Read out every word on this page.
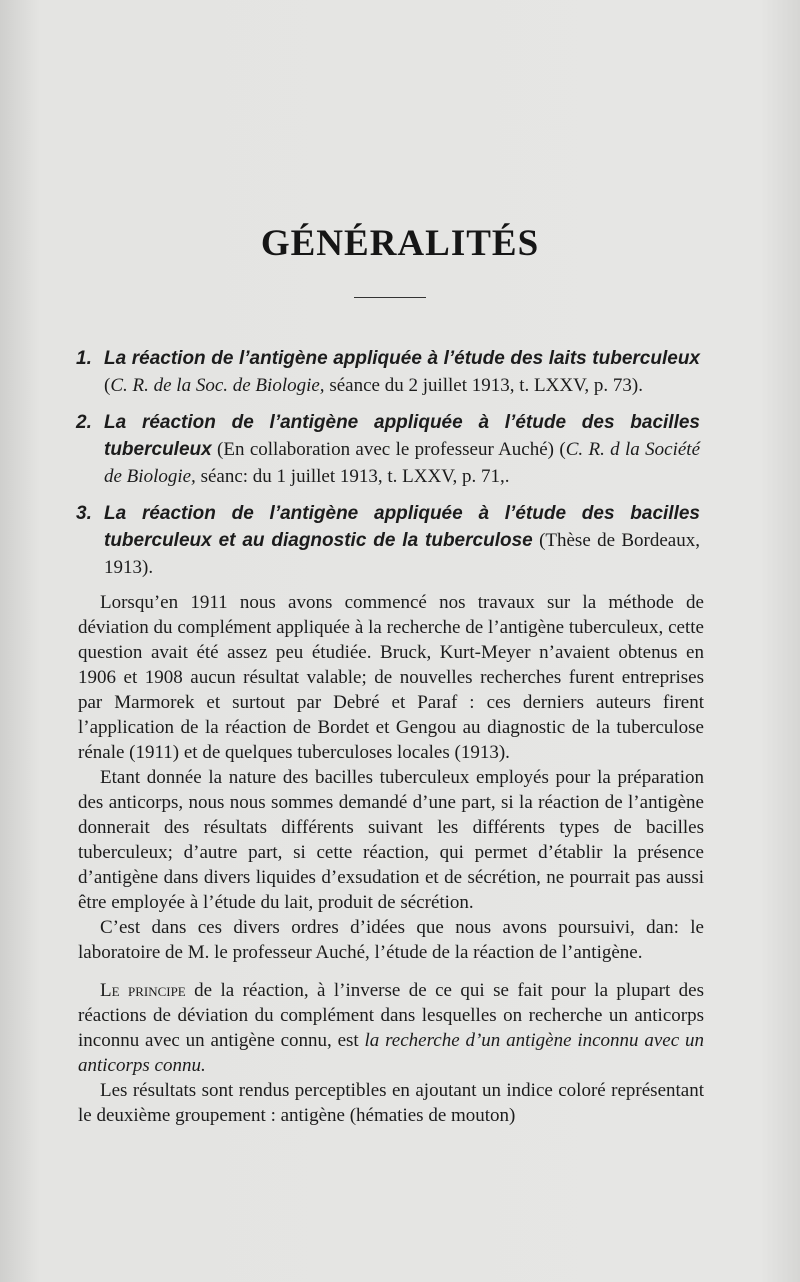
GÉNÉRALITÉS
1. La réaction de l’antigène appliquée à l’étude des laits tuberculeux (C. R. de la Soc. de Biologie, séance du 2 juillet 1913, t. LXXV, p. 73).
2. La réaction de l’antigène appliquée à l’étude des bacilles tuberculeux (En collaboration avec le professeur Auché) (C. R. d la Société de Biologie, séanc: du 1 juillet 1913, t. LXXV, p. 71,.
3. La réaction de l’antigène appliquée à l’étude des bacilles tuberculeux et au diagnostic de la tuberculose (Thèse de Bordeaux, 1913).

Lorsqu’en 1911 nous avons commencé nos travaux sur la méthode de déviation du complément appliquée à la recherche de l’antigène tuberculeux, cette question avait été assez peu étudiée. Bruck, Kurt-Meyer n’avaient obtenus en 1906 et 1908 aucun résultat valable; de nouvelles recherches furent entreprises par Marmorek et surtout par Debré et Paraf : ces derniers auteurs firent l’application de la réaction de Bordet et Gengou au diagnostic de la tuberculose rénale (1911) et de quelques tuberculoses locales (1913).

Etant donnée la nature des bacilles tuberculeux employés pour la préparation des anticorps, nous nous sommes demandé d’une part, si la réaction de l’antigène donnerait des résultats différents suivant les différents types de bacilles tuberculeux; d’autre part, si cette réaction, qui permet d’établir la présence d’antigène dans divers liquides d’exsudation et de sécrétion, ne pourrait pas aussi être employée à l’étude du lait, produit de sécrétion.

C’est dans ces divers ordres d’idées que nous avons poursuivi, dan: le laboratoire de M. le professeur Auché, l’étude de la réaction de l’antigène.

Le principe de la réaction, à l’inverse de ce qui se fait pour la plupart des réactions de déviation du complément dans lesquelles on recherche un anticorps inconnu avec un antigène connu, est la recherche d’un antigène inconnu avec un anticorps connu.

Les résultats sont rendus perceptibles en ajoutant un indice coloré représentant le deuxième groupement : antigène (hématies de mouton)
